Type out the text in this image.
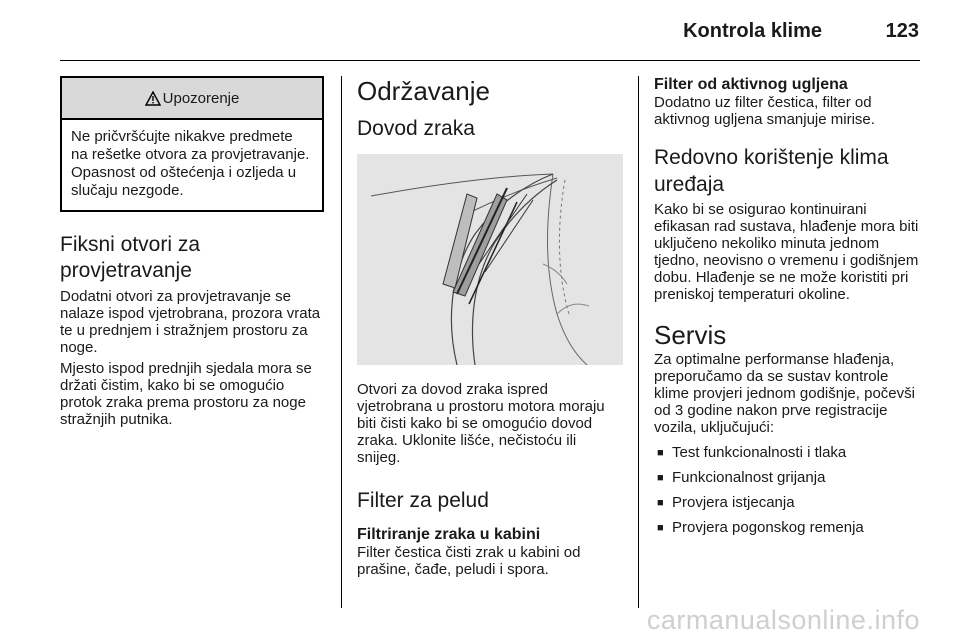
Kontrola klime	123
Upozorenje
Ne pričvršćujte nikakve predmete na rešetke otvora za provjetravanje. Opasnost od oštećenja i ozljeda u slučaju nezgode.
Fiksni otvori za provjetravanje

Dodatni otvori za provjetravanje se nalaze ispod vjetrobrana, prozora vrata te u prednjem i stražnjem prostoru za noge.

Mjesto ispod prednjih sjedala mora se držati čistim, kako bi se omogućio protok zraka prema prostoru za noge stražnjih putnika.

Održavanje
Dovod zraka

Otvori za dovod zraka ispred vjetrobrana u prostoru motora moraju biti čisti kako bi se omogućio dovod zraka. Uklonite lišće, nečistoću ili snijeg.

Filter za pelud
Filtriranje zraka u kabini

Filter čestica čisti zrak u kabini od prašine, čađe, peludi i spora.

Filter od aktivnog ugljena

Dodatno uz filter čestica, filter od aktivnog ugljena smanjuje mirise.

Redovno korištenje klima uređaja

Kako bi se osigurao kontinuirani efikasan rad sustava, hlađenje mora biti uključeno nekoliko minuta jednom tjedno, neovisno o vremenu i godišnjem dobu. Hlađenje se ne može koristiti pri preniskoj temperaturi okoline.

Servis

Za optimalne performanse hlađenja, preporučamo da se sustav kontrole klime provjeri jednom godišnje, počevši od 3 godine nakon prve registracije vozila, uključujući:

■ Test funkcionalnosti i tlaka
■ Funkcionalnost grijanja
■ Provjera istjecanja
■ Provjera pogonskog remenja
carmanualsonline.info
